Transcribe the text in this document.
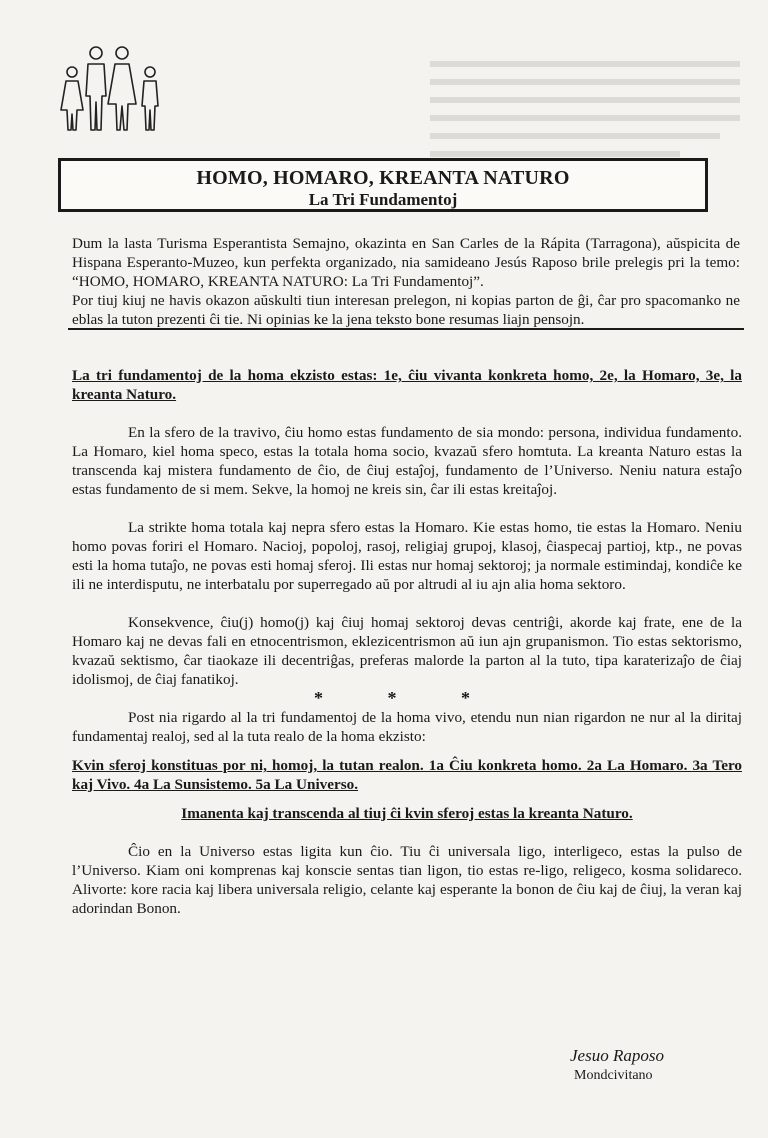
HOMO, HOMARO, KREANTA NATURO
La Tri Fundamentoj

Dum la lasta Turisma Esperantista Semajno, okazinta en San Carles de la Rápita (Tarragona), aŭspicita de Hispana Esperanto-Muzeo, kun perfekta organizado, nia samideano Jesús Raposo brile prelegis pri la temo: “HOMO, HOMARO, KREANTA NATURO: La Tri Fundamentoj”.

Por tiuj kiuj ne havis okazon aŭskulti tiun interesan prelegon, ni kopias parton de ĝi, ĉar pro spacomanko ne eblas la tuton prezenti ĉi tie. Ni opinias ke la jena teksto bone resumas liajn pensojn.

La tri fundamentoj de la homa ekzisto estas: 1e, ĉiu vivanta konkreta homo, 2e, la Homaro, 3e, la kreanta Naturo.

En la sfero de la travivo, ĉiu homo estas fundamento de sia mondo: persona, individua fundamento. La Homaro, kiel homa speco, estas la totala homa socio, kvazaŭ sfero homtuta. La kreanta Naturo estas la transcenda kaj mistera fundamento de ĉio, de ĉiuj estaĵoj, fundamento de l’Universo. Neniu natura estaĵo estas fundamento de si mem. Sekve, la homoj ne kreis sin, ĉar ili estas kreitaĵoj.

La strikte homa totala kaj nepra sfero estas la Homaro. Kie estas homo, tie estas la Homaro. Neniu homo povas foriri el Homaro. Nacioj, popoloj, rasoj, religiaj grupoj, klasoj, ĉiaspecaj partioj, ktp., ne povas esti la homa tutaĵo, ne povas esti homaj sferoj. Ili estas nur homaj sektoroj; ja normale estimindaj, kondiĉe ke ili ne interdisputu, ne interbatalu por superregado aŭ por altrudi al iu ajn alia homa sektoro.

Konsekvence, ĉiu(j) homo(j) kaj ĉiuj homaj sektoroj devas centriĝi, akorde kaj frate, ene de la Homaro kaj ne devas fali en etnocentrismon, eklezicentrismon aŭ iun ajn grupanismon. Tio estas sektorismo, kvazaŭ sektismo, ĉar tiaokaze ili decentriĝas, preferas malorde la parton al la tuto, tipa karaterizaĵo de ĉiaj idolismoj, de ĉiaj fanatikoj.

* * *

Post nia rigardo al la tri fundamentoj de la homa vivo, etendu nun nian rigardon ne nur al la diritaj fundamentaj realoj, sed al la tuta realo de la homa ekzisto:

Kvin sferoj konstituas por ni, homoj, la tutan realon. 1a Ĉiu konkreta homo. 2a La Homaro. 3a Tero kaj Vivo. 4a La Sunsistemo. 5a La Universo.

Imanenta kaj transcenda al tiuj ĉi kvin sferoj estas la kreanta Naturo.

Ĉio en la Universo estas ligita kun ĉio. Tiu ĉi universala ligo, interligeco, estas la pulso de l’Universo. Kiam oni komprenas kaj konscie sentas tian ligon, tio estas re-ligo, religeco, kosma solidareco. Alivorte: kore racia kaj libera universala religio, celante kaj esperante la bonon de ĉiu kaj de ĉiuj, la veran kaj adorindan Bonon.

Jesuo Raposo
Mondcivitano
